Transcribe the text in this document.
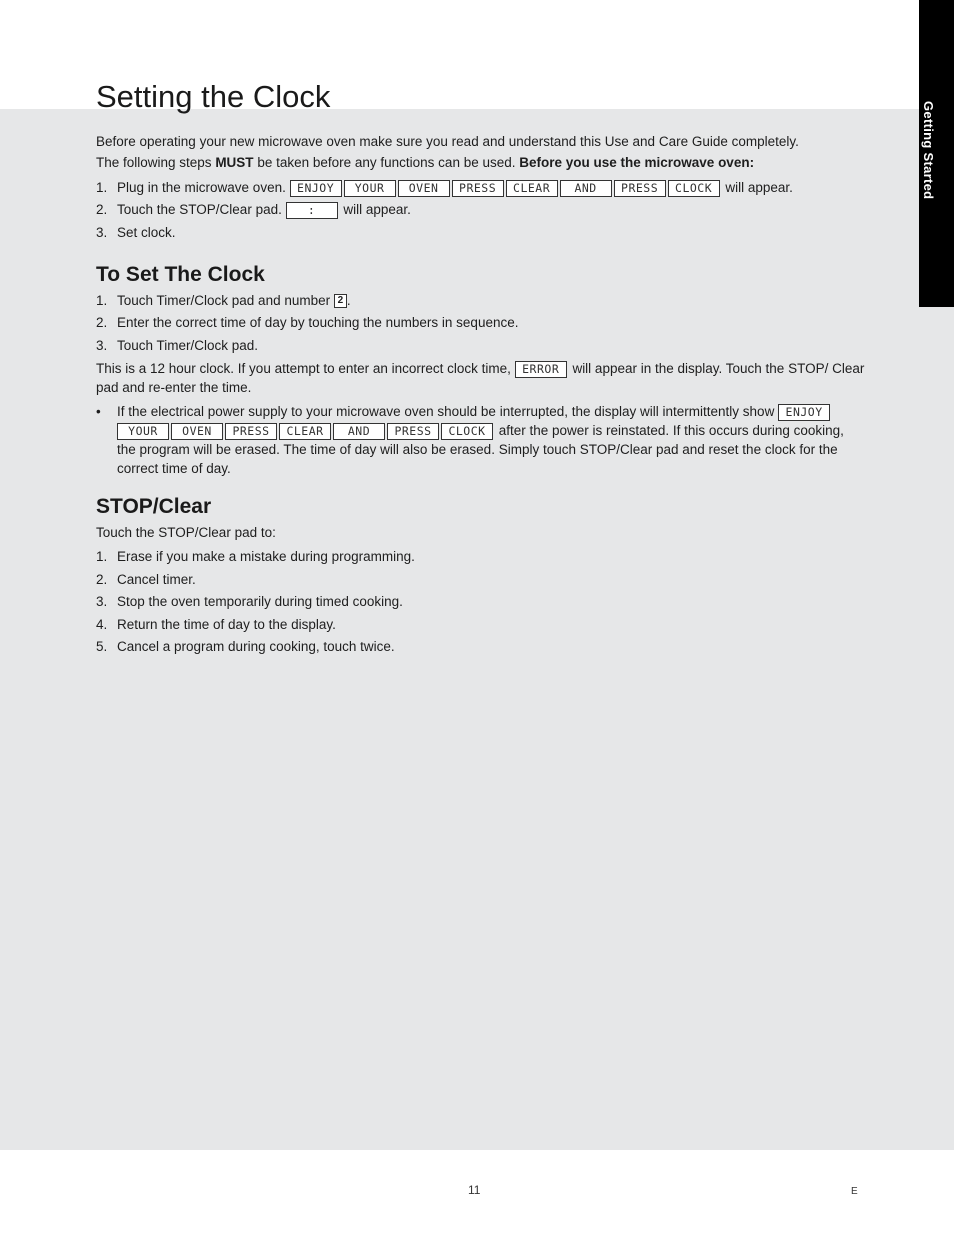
Getting Started
Setting the Clock

Before operating your new microwave oven make sure you read and understand this Use and Care Guide completely.

The following steps MUST be taken before any functions can be used. Before you use the microwave oven:

1. Plug in the microwave oven. ENJOY YOUR OVEN PRESS CLEAR AND PRESS CLOCK will appear.
2. Touch the STOP/Clear pad. : will appear.
3. Set clock.
To Set The Clock
1. Touch Timer/Clock pad and number 2 .
2. Enter the correct time of day by touching the numbers in sequence.
3. Touch Timer/Clock pad.

This is a 12 hour clock. If you attempt to enter an incorrect clock time, ERROR will appear in the display. Touch the STOP/ Clear pad and re-enter the time.

• If the electrical power supply to your microwave oven should be interrupted, the display will intermittently show ENJOYYOUR OVEN PRESS CLEAR AND PRESS CLOCK after the power is reinstated. If this occurs during cooking, the program will be erased. The time of day will also be erased. Simply touch STOP/Clear pad and reset the clock for the correct time of day.
STOP/Clear

Touch the STOP/Clear pad to:

1. Erase if you make a mistake during programming.
2. Cancel timer.
3. Stop the oven temporarily during timed cooking.
4. Return the time of day to the display.
5. Cancel a program during cooking, touch twice.
11	E
